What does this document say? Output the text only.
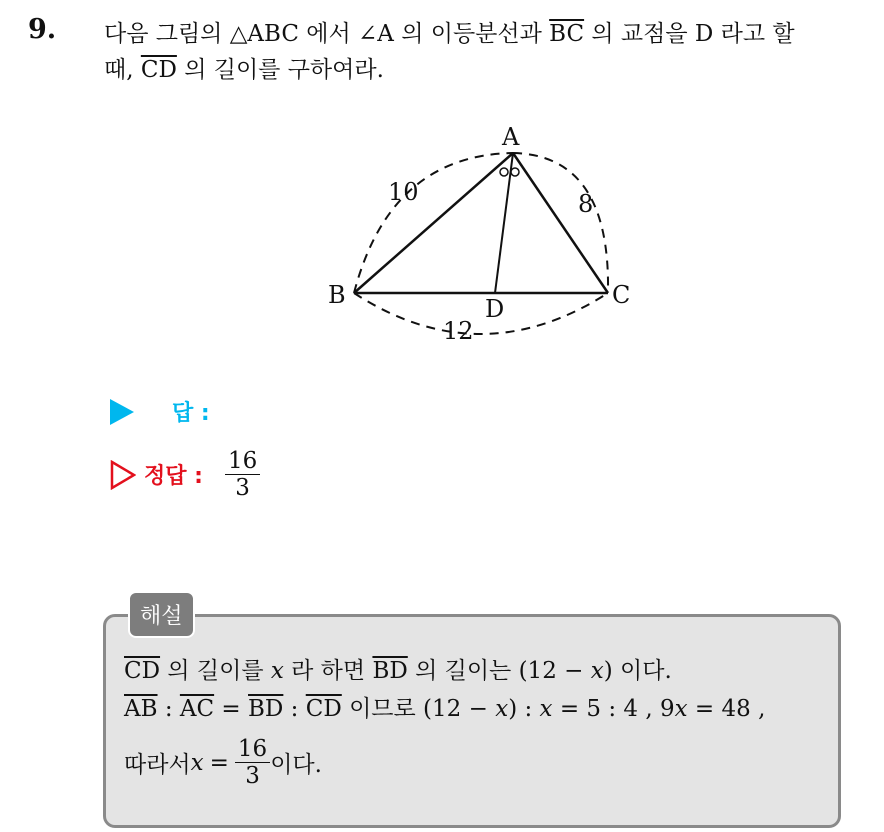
9. 다음 그림의 △ABC 에서 ∠A 의 이등분선과 $\overline{BC}$ 의 교점을 D 라고 할
때, $\overline{CD}$ 의 길이를 구하여라.
A
B	C
D
10	8
12
답 :
정답 : $\frac{16}{3}$
해설
$\overline{CD}$ 의 길이를 x 라 하면 $\overline{BD}$ 의 길이는 (12 − x) 이다.
$\overline{AB}$ : $\overline{AC} = \overline{BD}$ : $\overline{CD}$ 이므로 (12 − x) : x = 5 : 4 , 9x = 48 ,
따라서 $x = \frac{16}{3}$ 이다.
